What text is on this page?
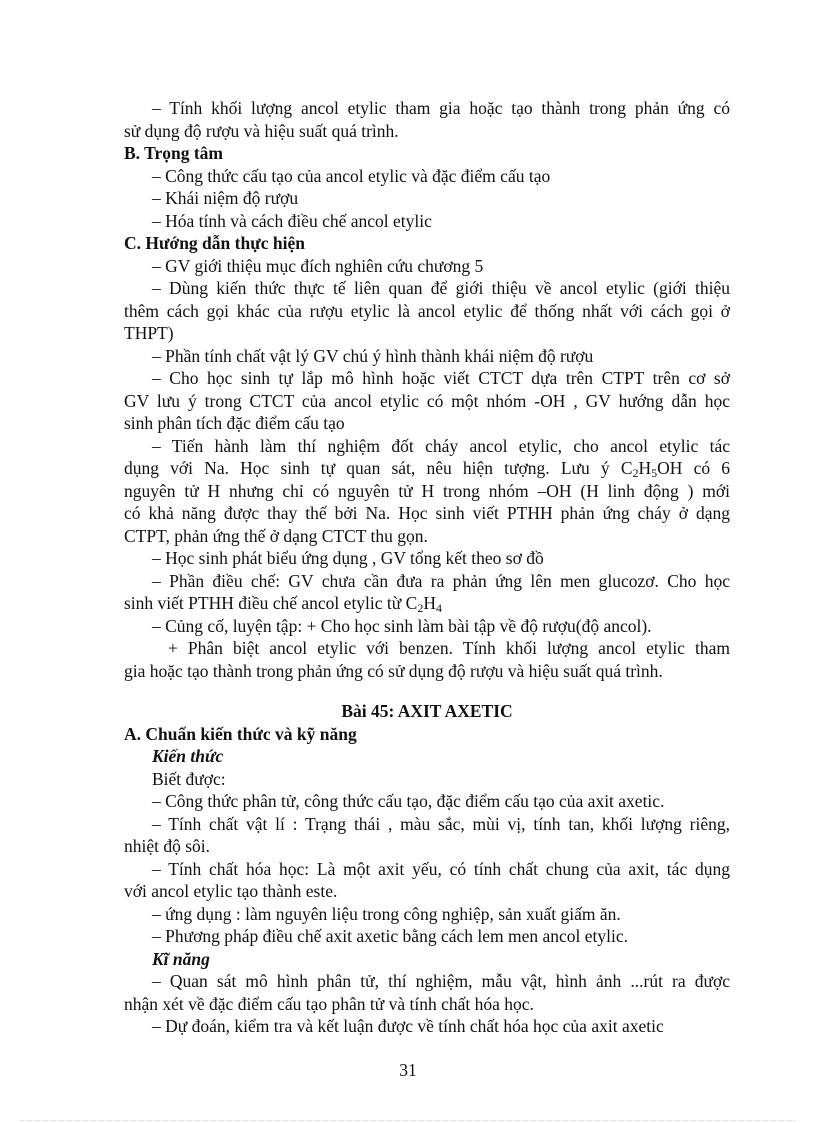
– Tính khối lượng ancol etylic tham gia hoặc tạo thành trong phản ứng có
sử dụng độ rượu và hiệu suất quá trình.
B. Trọng tâm
– Công thức cấu tạo của ancol etylic và đặc điểm cấu tạo
– Khái niệm độ rượu
– Hóa tính và cách điều chế ancol etylic
C. Hướng dẫn thực hiện
– GV giới thiệu mục đích nghiên cứu chương 5
– Dùng kiến thức thực tế liên quan để giới thiệu về ancol etylic (giới thiệu
thêm cách gọi khác của rượu etylic là ancol etylic để thống nhất với cách gọi ở
THPT)
– Phần tính chất vật lý GV chú ý hình thành khái niệm độ rượu
– Cho học sinh tự lắp mô hình hoặc viết CTCT dựa trên CTPT trên cơ sở
GV lưu ý trong CTCT của ancol etylic có một nhóm -OH , GV hướng dẫn học
sinh phân tích đặc điểm cấu tạo
– Tiến hành làm thí nghiệm đốt cháy ancol etylic, cho ancol etylic tác
dụng với Na. Học sinh tự quan sát, nêu hiện tượng. Lưu ý $C_2H_5OH$ có 6
nguyên tử H nhưng chỉ có nguyên tử H trong nhóm –OH (H linh động ) mới
có khả năng được thay thế bởi Na. Học sinh viết PTHH phản ứng cháy ở dạng
CTPT, phản ứng thế ở dạng CTCT thu gọn.
– Học sinh phát biểu ứng dụng , GV tổng kết theo sơ đồ
– Phần điều chế: GV chưa cần đưa ra phản ứng lên men glucozơ. Cho học
sinh viết PTHH điều chế ancol etylic từ $C_2H_4$
– Củng cố, luyện tập: + Cho học sinh làm bài tập về độ rượu(độ ancol).
+ Phân biệt ancol etylic với benzen. Tính khối lượng ancol etylic tham
gia hoặc tạo thành trong phản ứng có sử dụng độ rượu và hiệu suất quá trình.
Bài 45: AXIT AXETIC
A. Chuẩn kiến thức và kỹ năng
Kiến thức
Biết được:
– Công thức phân tử, công thức cấu tạo, đặc điểm cấu tạo của axit axetic.
– Tính chất vật lí : Trạng thái , màu sắc, mùi vị, tính tan, khối lượng riêng,
nhiệt độ sôi.
– Tính chất hóa học: Là một axit yếu, có tính chất chung của axit, tác dụng
với ancol etylic tạo thành este.
– ứng dụng : làm nguyên liệu trong công nghiệp, sản xuất giấm ăn.
– Phương pháp điều chế axit axetic bằng cách lem men ancol etylic.
Kĩ năng
– Quan sát mô hình phân tử, thí nghiệm, mẫu vật, hình ảnh ...rút ra được
nhận xét về đặc điểm cấu tạo phân tử và tính chất hóa học.
– Dự đoán, kiểm tra và kết luận được về tính chất hóa học của axit axetic
31
